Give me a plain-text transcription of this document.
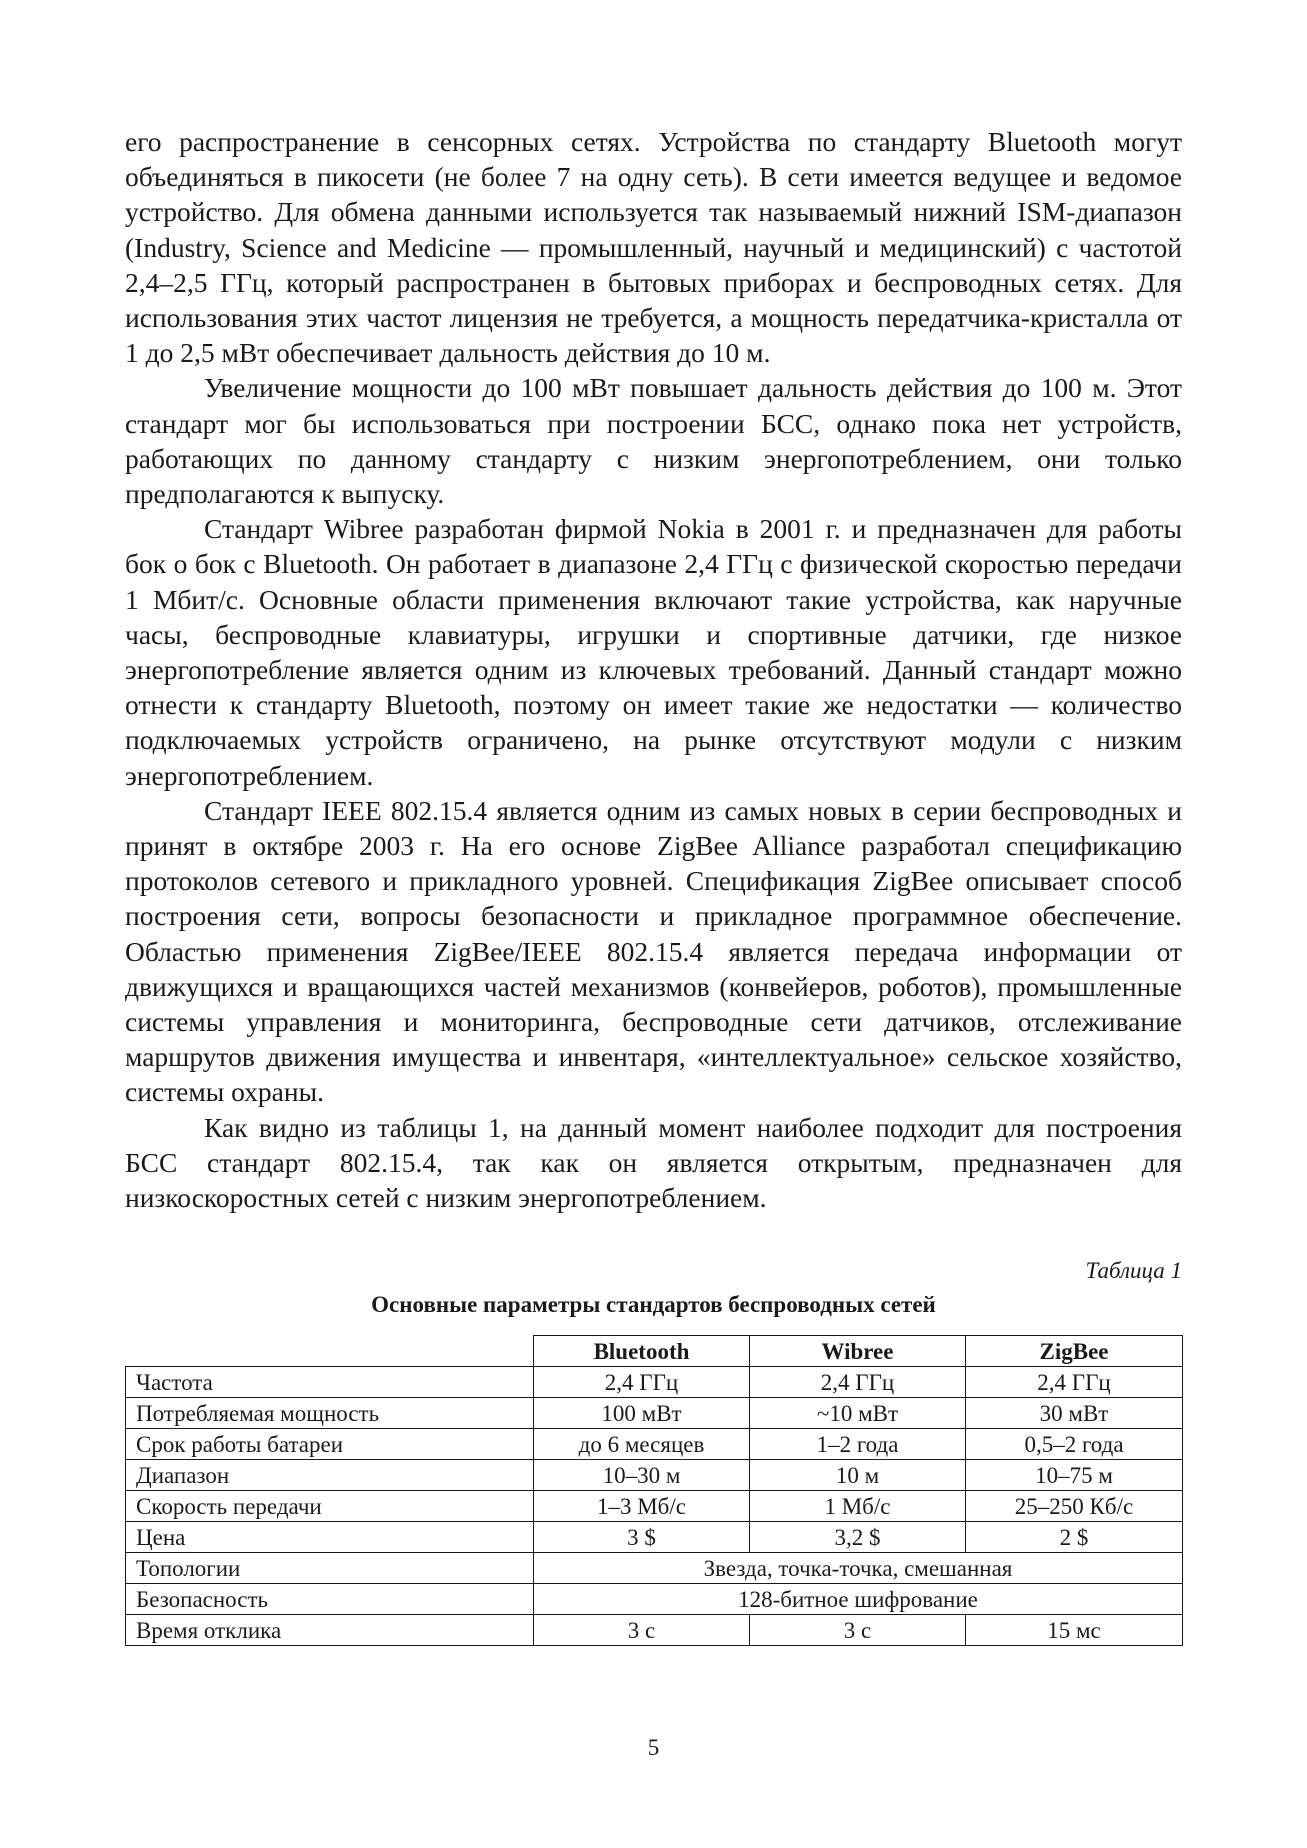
его распространение в сенсорных сетях. Устройства по стандарту Bluetooth могут объединяться в пикосети (не более 7 на одну сеть). В сети имеется ведущее и ведомое устройство. Для обмена данными используется так называемый нижний ISM-диапазон (Industry, Science and Medicine — промышленный, научный и медицинский) с частотой 2,4–2,5 ГГц, который распространен в бытовых приборах и беспроводных сетях. Для использования этих частот лицензия не требуется, а мощность передатчика-кристалла от 1 до 2,5 мВт обеспечивает дальность действия до 10 м.

Увеличение мощности до 100 мВт повышает дальность действия до 100 м. Этот стандарт мог бы использоваться при построении БСС, однако пока нет устройств, работающих по данному стандарту с низким энергопотреблением, они только предполагаются к выпуску.

Стандарт Wibree разработан фирмой Nokia в 2001 г. и предназначен для работы бок о бок с Bluetooth. Он работает в диапазоне 2,4 ГГц с физической скоростью передачи 1 Мбит/с. Основные области применения включают такие устройства, как наручные часы, беспроводные клавиатуры, игрушки и спортивные датчики, где низкое энергопотребление является одним из ключевых требований. Данный стандарт можно отнести к стандарту Bluetooth, поэтому он имеет такие же недостатки — количество подключаемых устройств ограничено, на рынке отсутствуют модули с низким энергопотреблением.

Стандарт IEEE 802.15.4 является одним из самых новых в серии беспроводных и принят в октябре 2003 г. На его основе ZigBee Alliance разработал спецификацию протоколов сетевого и прикладного уровней. Спецификация ZigBee описывает способ построения сети, вопросы безопасности и прикладное программное обеспечение. Областью применения ZigBee/IEEE 802.15.4 является передача информации от движущихся и вращающихся частей механизмов (конвейеров, роботов), промышленные системы управления и мониторинга, беспроводные сети датчиков, отслеживание маршрутов движения имущества и инвентаря, «интеллектуальное» сельское хозяйство, системы охраны.

Как видно из таблицы 1, на данный момент наиболее подходит для построения БСС стандарт 802.15.4, так как он является открытым, предназначен для низкоскоростных сетей с низким энергопотреблением.

Таблица 1
Основные параметры стандартов беспроводных сетей
	Bluetooth	Wibree	ZigBee
Частота	2,4 ГГц	2,4 ГГц	2,4 ГГц
Потребляемая мощность	100 мВт	~10 мВт	30 мВт
Срок работы батареи	до 6 месяцев	1–2 года	0,5–2 года
Диапазон	10–30 м	10 м	10–75 м
Скорость передачи	1–3 Мб/с	1 Мб/с	25–250 Кб/с
Цена	3 $	3,2 $	2 $
Топологии	Звезда, точка-точка, смешанная		
Безопасность	128-битное шифрование		
Время отклика	3 с	3 с	15 мс
5
